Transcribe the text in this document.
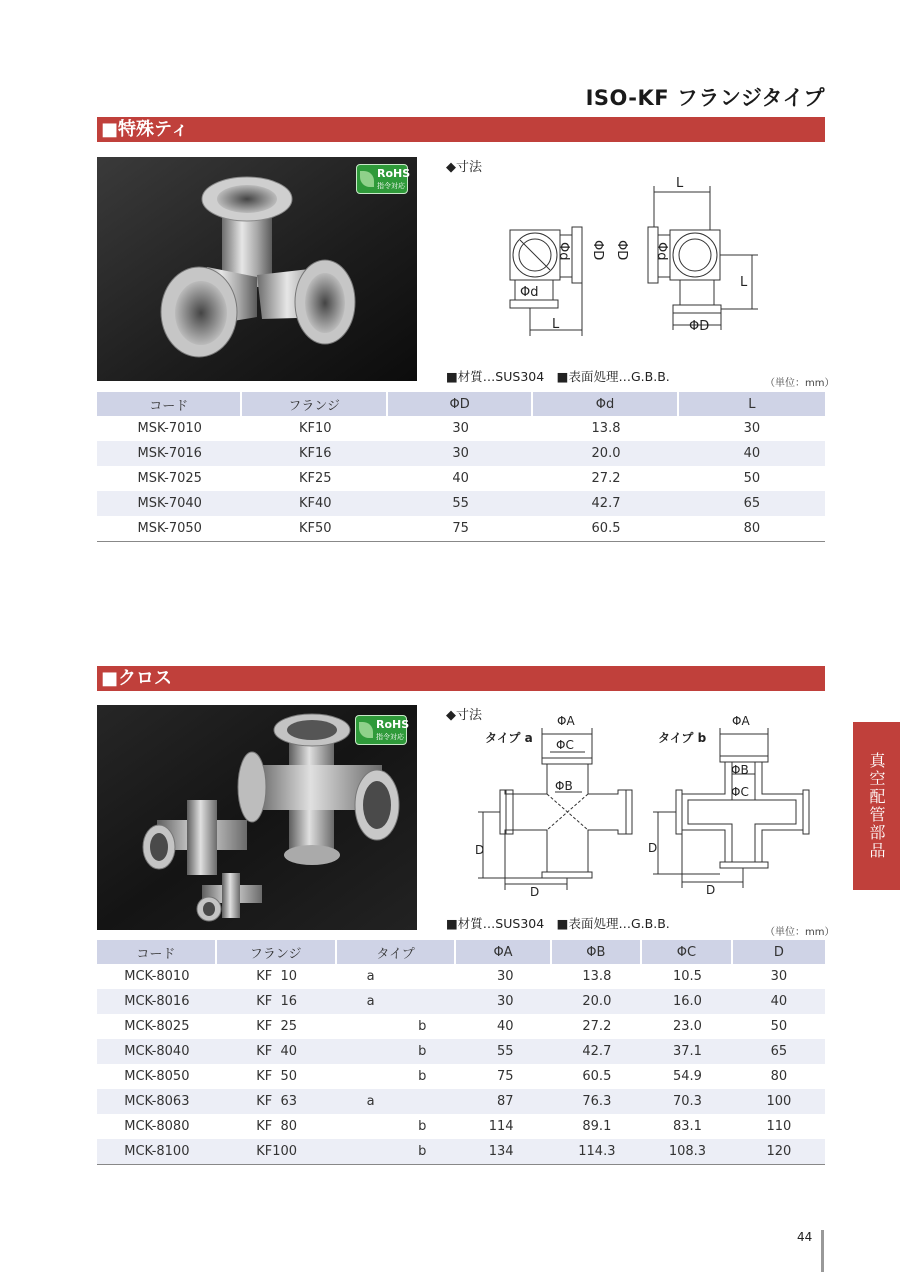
ISO-KF フランジタイプ
■特殊ティ
RoHS
指令対応
◆寸法
L
L
L
Φd
ΦD
Φd ΦD ΦD Φd
■材質…SUS304　■表面処理…G.B.B.	（単位：mm）
コード	フランジ	ΦD	Φd	L
MSK-7010	KF10	30	13.8	30
MSK-7016	KF16	30	20.0	40
MSK-7025	KF25	40	27.2	50
MSK-7040	KF40	55	42.7	65
MSK-7050	KF50	75	60.5	80
■クロス
RoHS
指令対応
◆寸法	ΦA
ΦC
ΦB
D
D
ΦA
ΦB
ΦC
D
D
タイプ a	タイプ b
■材質…SUS304　■表面処理…G.B.B.
（単位：mm）
コード	フランジ	タイプ	ΦA	ΦB	ΦC	D
MCK-8010	KF  10	a	30	13.8	10.5	30
MCK-8016	KF  16	a	30	20.0	16.0	40
MCK-8025	KF  25	b	40	27.2	23.0	50
MCK-8040	KF  40	b	55	42.7	37.1	65
MCK-8050	KF  50	b	75	60.5	54.9	80
MCK-8063	KF  63	a	87	76.3	70.3	100
MCK-8080	KF  80	b	114	89.1	83.1	110
MCK-8100	KF100	b	134	114.3	108.3	120
真空配管部品
44
